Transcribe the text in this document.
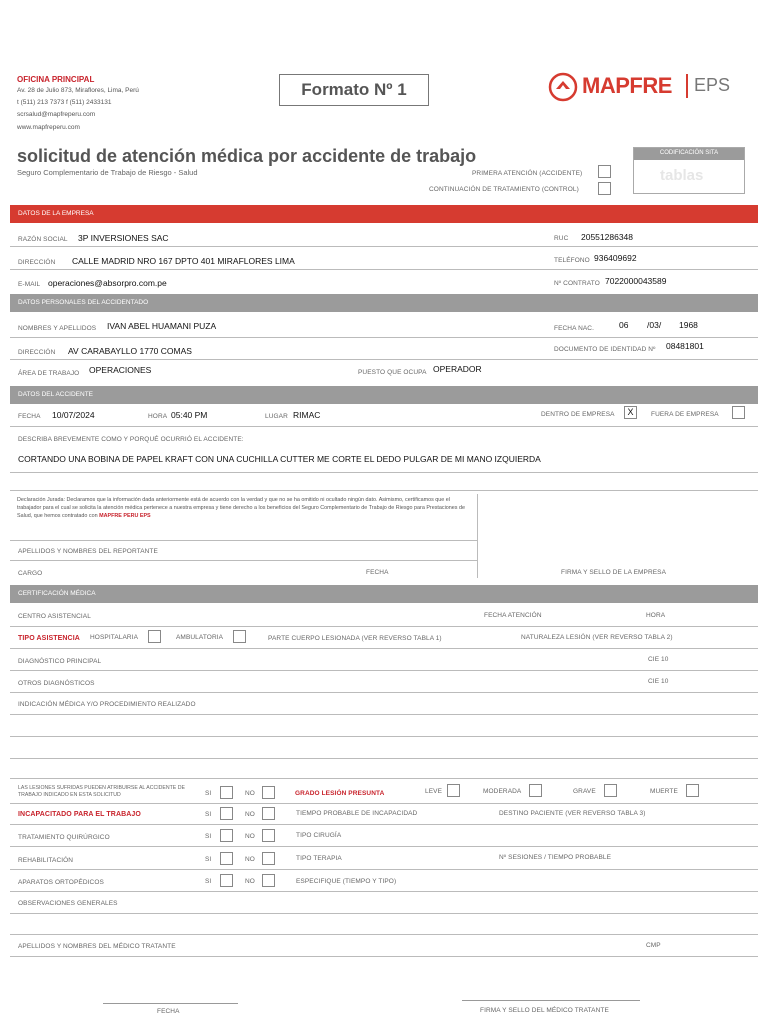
OFICINA PRINCIPAL
Av. 28 de Julio 873, Miraflores, Lima, Perú
t (511) 213 7373 f (511) 2433131
scrsalud@mapfreperu.com
www.mapfreperu.com
Formato Nº 1	MAPFRE EPS
solicitud de atención médica por accidente de trabajo
Seguro Complementario de Trabajo de Riesgo - Salud	PRIMERA ATENCIÓN (ACCIDENTE)
CONTINUACIÓN DE TRATAMIENTO (CONTROL)
CODIFICACIÓN SITA
tablas
DATOS DE LA EMPRESA
RAZÓN SOCIAL 3P INVERSIONES SAC	RUC 20551286348
DIRECCIÓN CALLE MADRID NRO 167 DPTO 401 MIRAFLORES LIMA	TELÉFONO 936409692
E-MAIL operaciones@absorpro.com.pe	Nº CONTRATO 7022000043589
DATOS PERSONALES DEL ACCIDENTADO
NOMBRES Y APELLIDOS IVAN ABEL HUAMANI PUZA	FECHA NAC.	06 /03/ 1968
DIRECCIÓN AV CARABAYLLO 1770 COMAS	DOCUMENTO DE IDENTIDAD Nº 08481801
ÁREA DE TRABAJO OPERACIONES	PUESTO QUE OCUPA OPERADOR
DATOS DEL ACCIDENTE
FECHA 10/07/2024	HORA 05:40 PM	LUGAR RIMAC	DENTRO DE EMPRESA	X	FUERA DE EMPRESA
DESCRIBA BREVEMENTE COMO Y PORQUÉ OCURRIÓ EL ACCIDENTE:
CORTANDO UNA BOBINA DE PAPEL KRAFT CON UNA CUCHILLA CUTTER ME CORTE EL DEDO PULGAR DE MI MANO IZQUIERDA
Declaración Jurada: Declaramos que la información dada anteriormente está de acuerdo con la verdad y que no se ha omitido ni ocultado ningún dato. Asimismo, certificamos que el trabajador para el cual se solicita la atención médica pertenece a nuestra empresa y tiene derecho a los beneficios del Seguro Complementario de Trabajo de Riesgo para Prestaciones de Salud, que hemos contratado con MAPFRE PERU EPS
APELLIDOS Y NOMBRES DEL REPORTANTE
CARGO	FECHA	FIRMA Y SELLO DE LA EMPRESA
CERTIFICACIÓN MÉDICA
CENTRO ASISTENCIAL	FECHA ATENCIÓN	HORA
TIPO ASISTENCIA HOSPITALARIA	AMBULATORIA	PARTE CUERPO LESIONADA (VER REVERSO TABLA 1)	NATURALEZA LESIÓN (VER REVERSO TABLA 2)
DIAGNÓSTICO PRINCIPAL	CIE 10
OTROS DIAGNÓSTICOS	CIE 10
INDICACIÓN MÉDICA Y/O PROCEDIMIENTO REALIZADO
LAS LESIONES SUFRIDAS PUEDEN ATRIBUIRSE AL ACCIDENTE DE TRABAJO INDICADO EN ESTA SOLICITUD	SI	NO	GRADO LESIÓN PRESUNTA	LEVE	MODERADA	GRAVE	MUERTE
INCAPACITADO PARA EL TRABAJO	SI	NO	TIEMPO PROBABLE DE INCAPACIDAD	DESTINO PACIENTE (VER REVERSO TABLA 3)
TRATAMIENTO QUIRÚRGICO	SI	NO	TIPO CIRUGÍA
REHABILITACIÓN	SI	NO	TIPO TERAPIA	Nº SESIONES / TIEMPO PROBABLE
APARATOS ORTOPÉDICOS	SI	NO	ESPECIFIQUE (TIEMPO Y TIPO)
OBSERVACIONES GENERALES
APELLIDOS Y NOMBRES DEL MÉDICO TRATANTE	CMP
FECHA	FIRMA Y SELLO DEL MÉDICO TRATANTE
